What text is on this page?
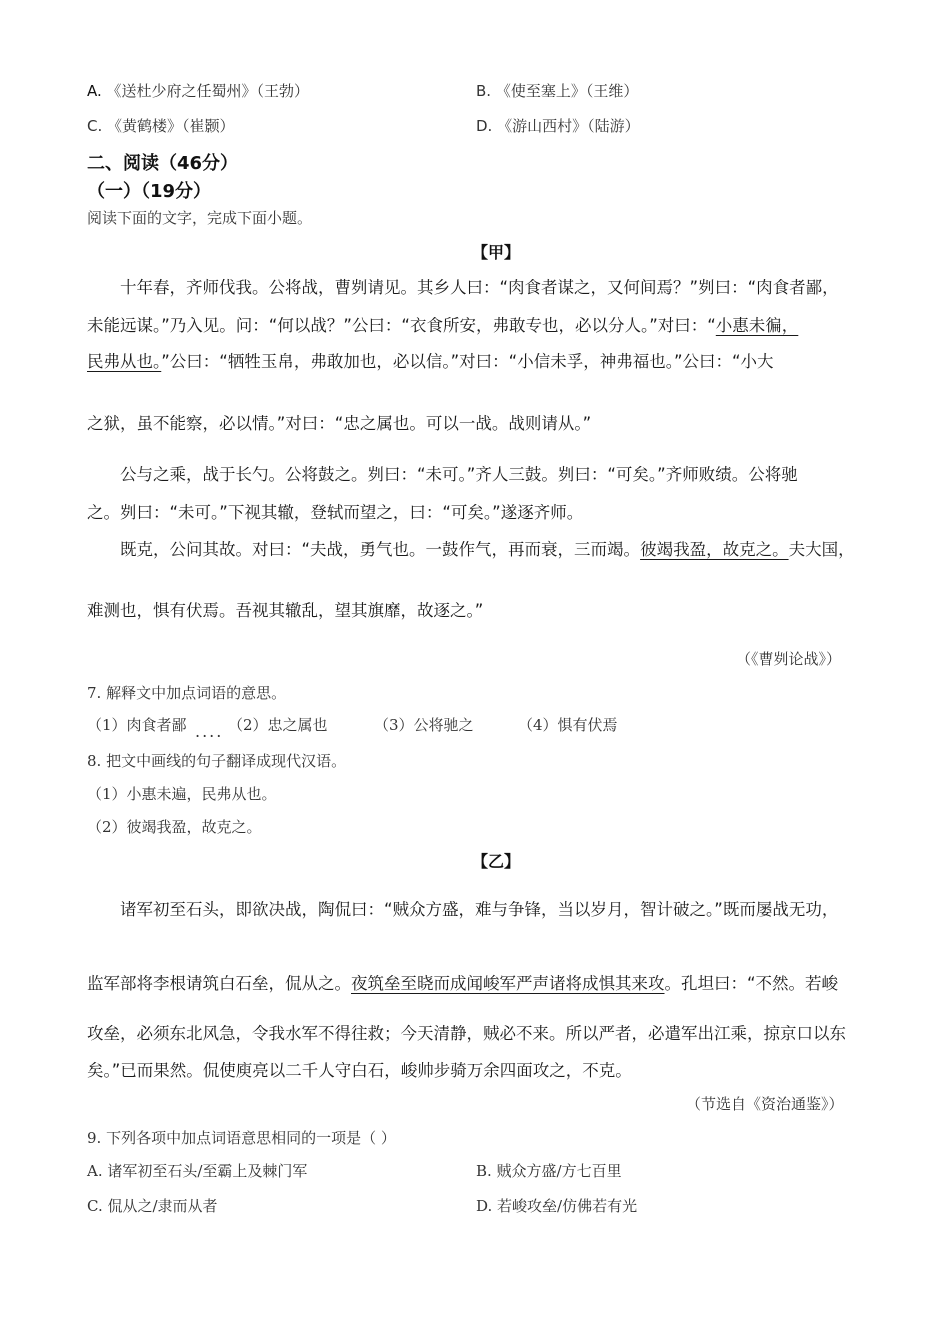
A. 《送杜少府之任蜀州》（王勃）	B. 《使至塞上》（王维）
C. 《黄鹤楼》（崔颢）	D. 《游山西村》（陆游）
二、阅读（46分）
（一）（19分）
阅读下面的文字，完成下面小题。
【甲】
十年春，齐师伐我。公将战，曹刿请见。其乡人曰：“肉食者谋之，又何间焉？”刿曰：“肉食者鄙，
未能远谋。”乃入见。问：“何以战？”公曰：“衣食所安，弗敢专也，必以分人。”对曰：“小惠未徧，
民弗从也。”公曰：“牺牲玉帛，弗敢加也，必以信。”对曰：“小信未孚，神弗福也。”公曰：“小大
之狱，虽不能察，必以情。”对曰：“忠之属也。可以一战。战则请从。”
公与之乘，战于长勺。公将鼓之。刿曰：“未可。”齐人三鼓。刿曰：“可矣。”齐师败绩。公将驰
之。刿曰：“未可。”下视其辙，登轼而望之，曰：“可矣。”遂逐齐师。
既克，公问其故。对曰：“夫战，勇气也。一鼓作气，再而衰，三而竭。彼竭我盈，故克之。夫大国，
难测也，惧有伏焉。吾视其辙乱，望其旗靡，故逐之。”
（《曹刿论战》）
7. 解释文中加点词语的意思。
（1）肉食者鄙 .... （2）忠之属也	（3）公将驰之	（4）惧有伏焉
8. 把文中画线的句子翻译成现代汉语。
（1）小惠未遍，民弗从也。
（2）彼竭我盈，故克之。
【乙】
诸军初至石头，即欲决战，陶侃曰：“贼众方盛，难与争锋，当以岁月，智计破之。”既而屡战无功，
监军部将李根请筑白石垒，侃从之。夜筑垒至晓而成闻峻军严声诸将成惧其来攻。孔坦曰：“不然。若峻
攻垒，必须东北风急，令我水军不得往救；今天清静，贼必不来。所以严者，必遣军出江乘，掠京口以东
矣。”已而果然。侃使庾亮以二千人守白石，峻帅步骑万余四面攻之，不克。
（节选自《资治通鉴》）
9. 下列各项中加点词语意思相同的一项是（ ）
A. 诸军初至石头/至霸上及棘门军	B. 贼众方盛/方七百里
C. 侃从之/隶而从者	D. 若峻攻垒/仿佛若有光
